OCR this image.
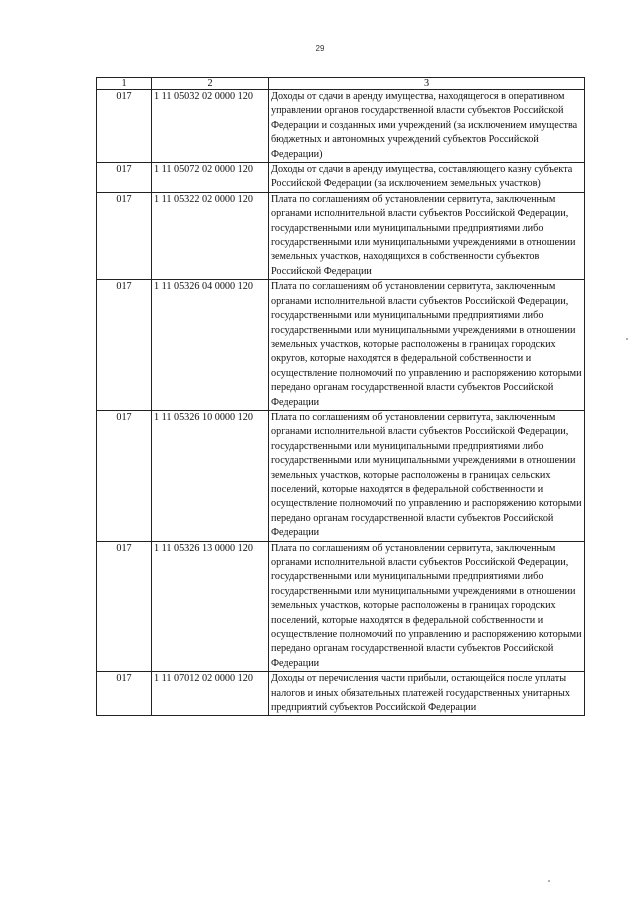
29
1	2	3
017	1 11 05032 02 0000 120	Доходы от сдачи в аренду имущества, находящегося в оперативном управлении органов государственной власти субъектов Российской Федерации и созданных ими учреждений (за исключением имущества бюджетных и автономных учреждений субъектов Российской Федерации)
017	1 11 05072 02 0000 120	Доходы от сдачи в аренду имущества, составляющего казну субъекта Российской Федерации (за исключением земельных участков)
017	1 11 05322 02 0000 120	Плата по соглашениям об установлении сервитута, заключенным органами исполнительной власти субъектов Российской Федерации, государственными или муниципальными предприятиями либо государственными или муниципальными учреждениями в отношении земельных участков, находящихся в собственности субъектов Российской Федерации
017	1 11 05326 04 0000 120	Плата по соглашениям об установлении сервитута, заключенным органами исполнительной власти субъектов Российской Федерации, государственными или муниципальными предприятиями либо государственными или муниципальными учреждениями в отношении земельных участков, которые расположены в границах городских округов, которые находятся в федеральной собственности и осуществление полномочий по управлению и распоряжению которыми передано органам государственной власти субъектов Российской Федерации
017	1 11 05326 10 0000 120	Плата по соглашениям об установлении сервитута, заключенным органами исполнительной власти субъектов Российской Федерации, государственными или муниципальными предприятиями либо государственными или муниципальными учреждениями в отношении земельных участков, которые расположены в границах сельских поселений, которые находятся в федеральной собственности и осуществление полномочий по управлению и распоряжению которыми передано органам государственной власти субъектов Российской Федерации
017	1 11 05326 13 0000 120	Плата по соглашениям об установлении сервитута, заключенным органами исполнительной власти субъектов Российской Федерации, государственными или муниципальными предприятиями либо государственными или муниципальными учреждениями в отношении земельных участков, которые расположены в границах городских поселений, которые находятся в федеральной собственности и осуществление полномочий по управлению и распоряжению которыми передано органам государственной власти субъектов Российской Федерации
017	1 11 07012 02 0000 120	Доходы от перечисления части прибыли, остающейся после уплаты налогов и иных обязательных платежей государственных унитарных предприятий субъектов Российской Федерации
